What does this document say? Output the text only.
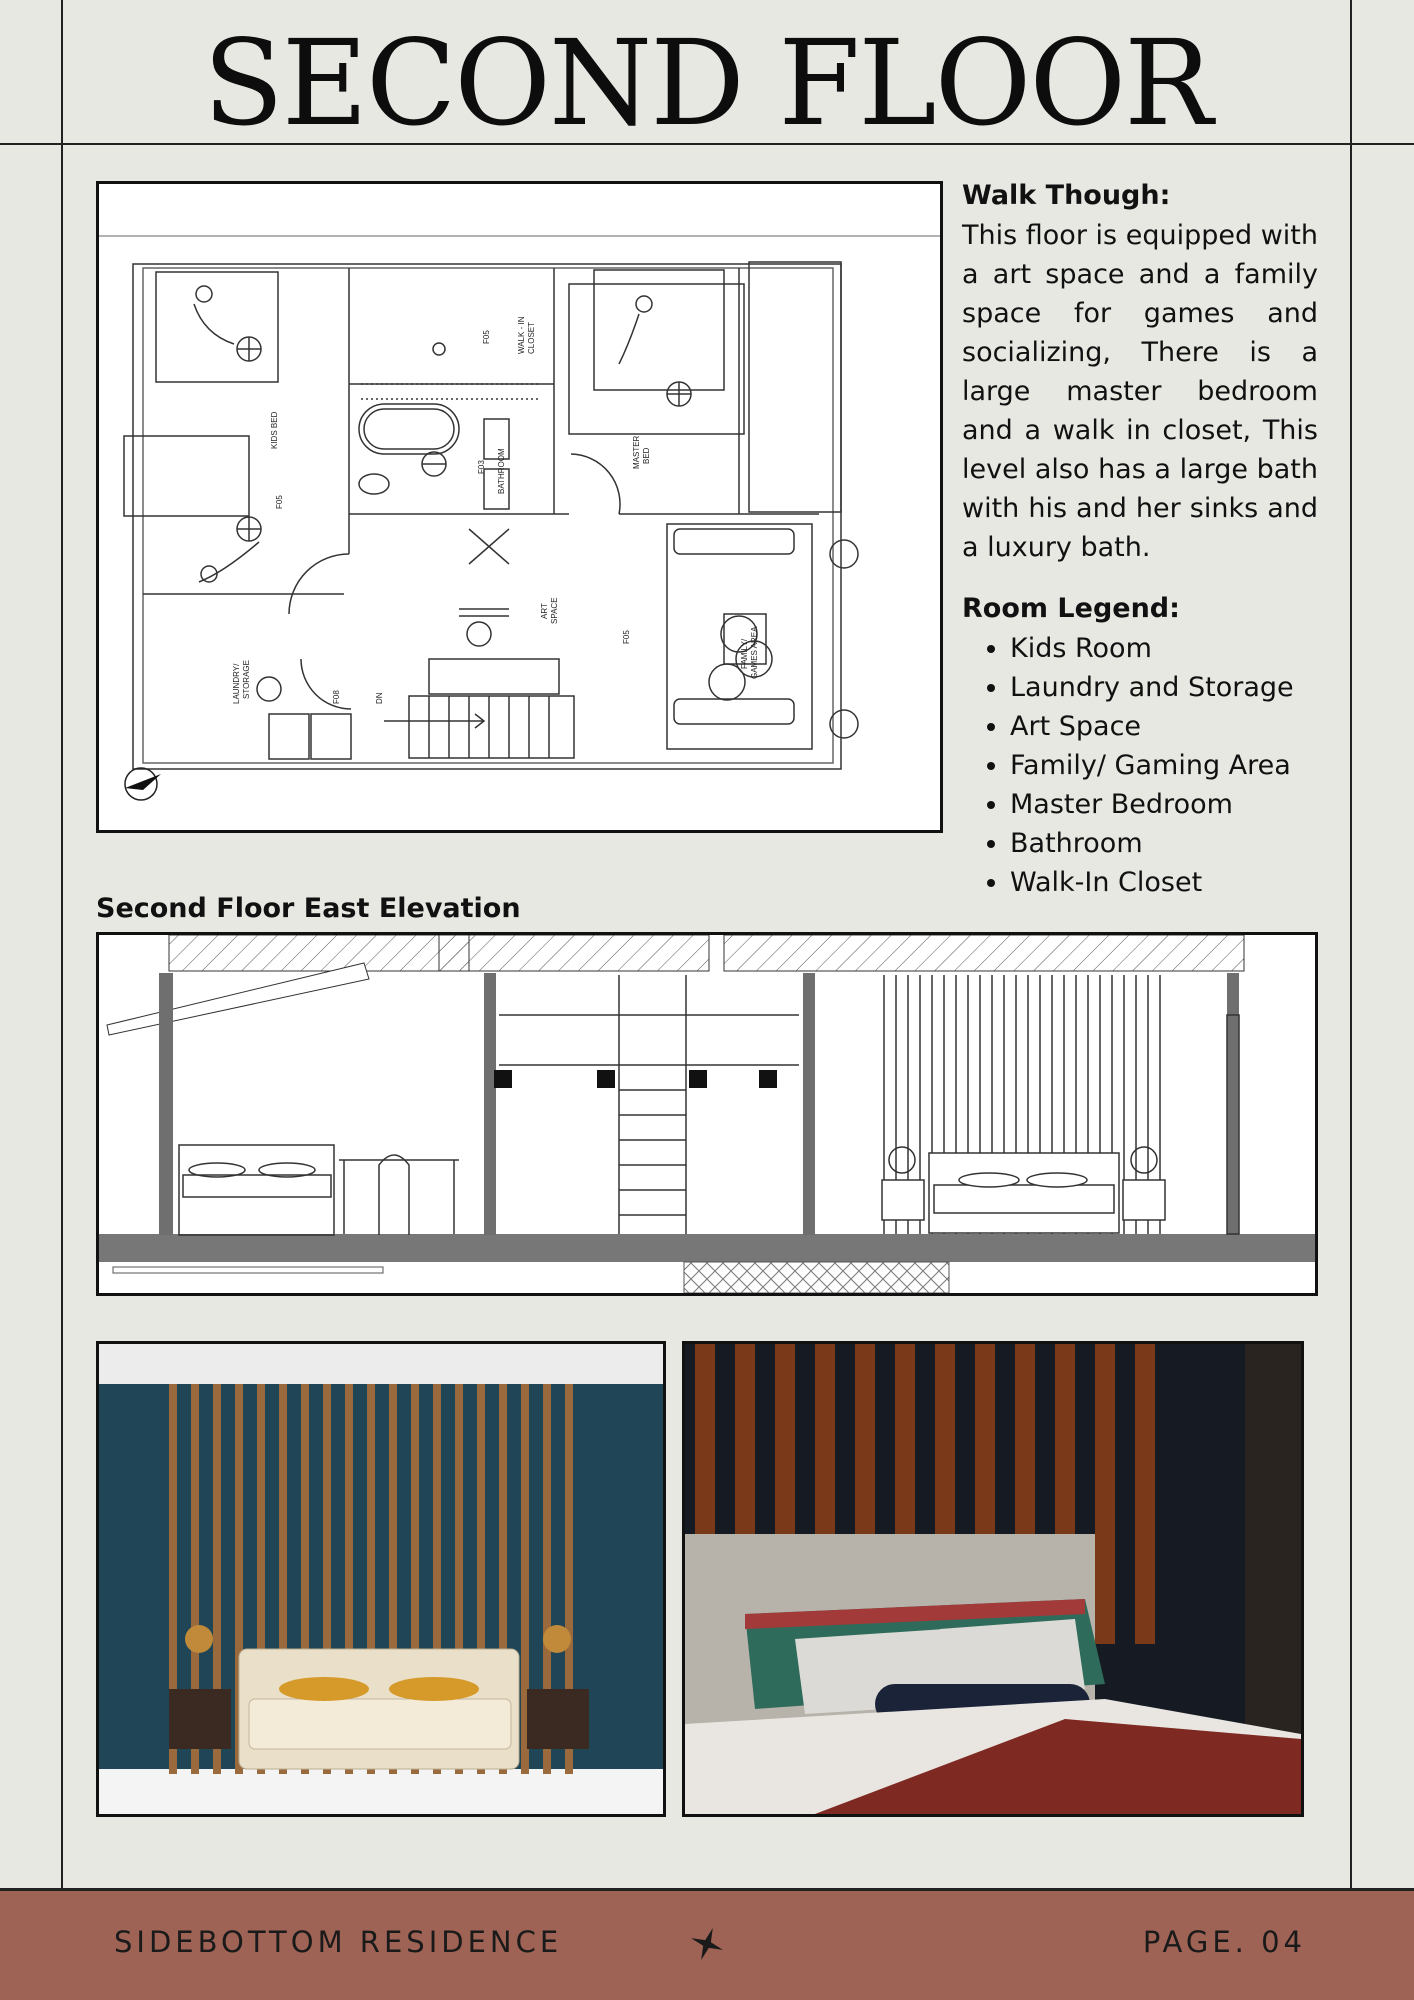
SECOND FLOOR
KIDS BED
WALK - IN CLOSET
BATHROOM	MASTER BED
ART SPACE
LAUNDRY/ STORAGE
FAMILY/ GAMES AREA
DN
F05
F05
F05
F03
F08
Walk Though:

This floor is equipped with a art space and a family space for games and socializing, There is a large master bedroom and a walk in closet, This level also has a large bath with his and her sinks and a luxury bath.

Room Legend:
• Kids Room
• Laundry and Storage
• Art Space
• Family/ Gaming Area
• Master Bedroom
• Bathroom
• Walk-In Closet
Second Floor East Elevation
SIDEBOTTOM RESIDENCE	PAGE. 04
